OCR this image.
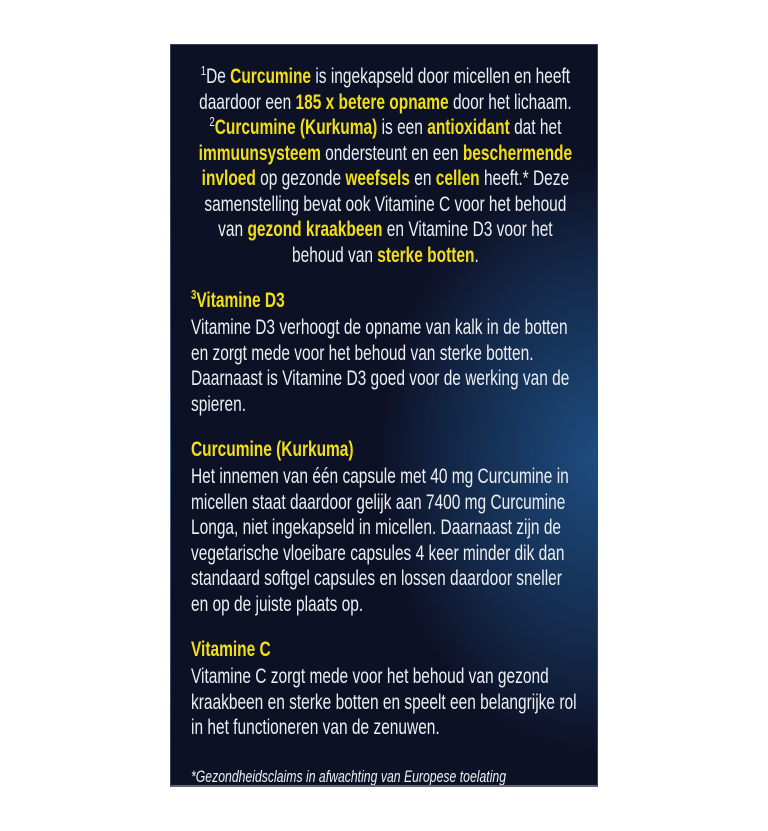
$^1$De Curcumine is ingekapseld door micellen en heeft daardoor een 185 x betere opname door het lichaam. $^2$Curcumine (Kurkuma) is een antioxidant dat het immuunsysteem ondersteunt en een beschermende invloed op gezonde weefsels en cellen heeft.* Deze samenstelling bevat ook Vitamine C voor het behoud van gezond kraakbeen en Vitamine D3 voor het behoud van sterke botten.

$^3$Vitamine D3

Vitamine D3 verhoogt de opname van kalk in de botten en zorgt mede voor het behoud van sterke botten. Daarnaast is Vitamine D3 goed voor de werking van de spieren.

Curcumine (Kurkuma)

Het innemen van één capsule met 40 mg Curcumine in micellen staat daardoor gelijk aan 7400 mg Curcumine Longa, niet ingekapseld in micellen. Daarnaast zijn de vegetarische vloeibare capsules 4 keer minder dik dan standaard softgel capsules en lossen daardoor sneller en op de juiste plaats op.

Vitamine C

Vitamine C zorgt mede voor het behoud van gezond kraakbeen en sterke botten en speelt een belangrijke rol in het functioneren van de zenuwen.

*Gezondheidsclaims in afwachting van Europese toelating
